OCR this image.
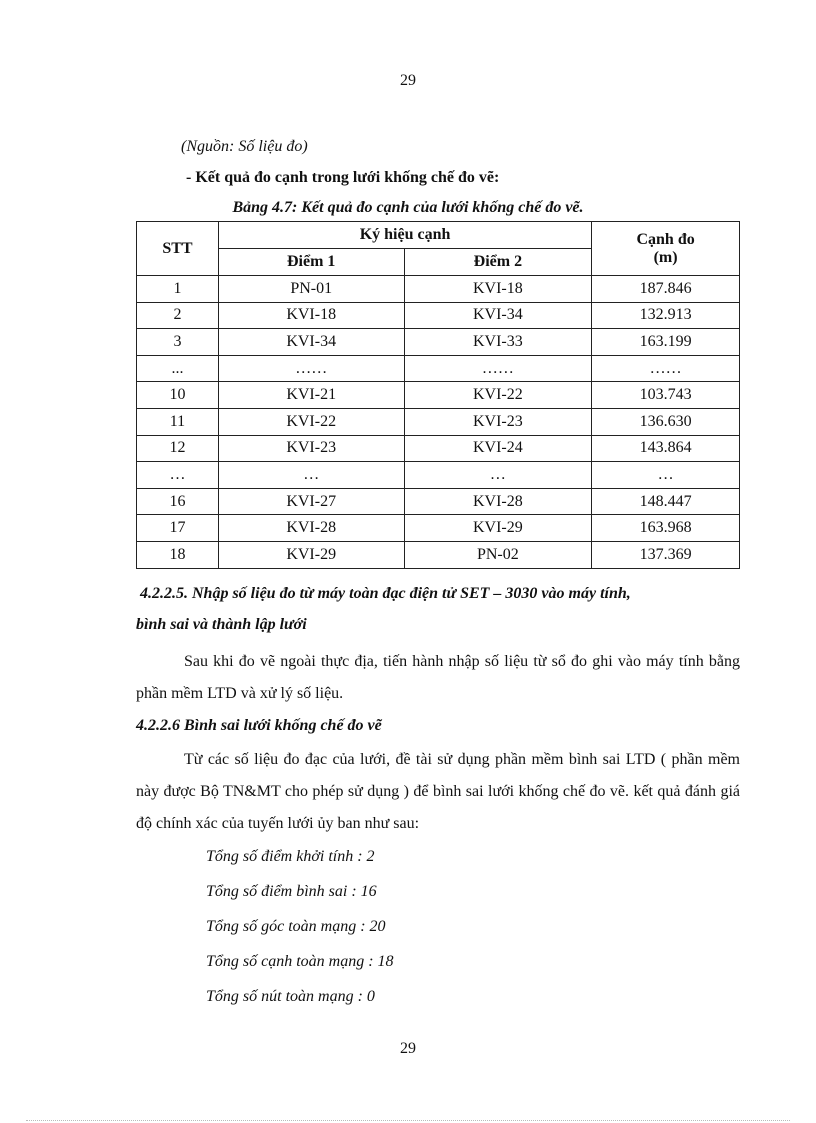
29
(Nguồn: Số liệu đo)
- Kết quả đo cạnh trong lưới khống chế đo vẽ:
Bảng 4.7: Kết quả đo cạnh của lưới khống chế đo vẽ.
STT	Ký hiệu cạnh		Cạnh đo
(m)

	Điểm 1	Điểm 2	
1	PN-01	KVI-18	187.846
2	KVI-18	KVI-34	132.913
3	KVI-34	KVI-33	163.199
...	……	……	……
10	KVI-21	KVI-22	103.743
11	KVI-22	KVI-23	136.630
12	KVI-23	KVI-24	143.864
…	…	…	…
16	KVI-27	KVI-28	148.447
17	KVI-28	KVI-29	163.968
18	KVI-29	PN-02	137.369
4.2.2.5. Nhập số liệu đo từ máy toàn đạc điện tử SET – 3030 vào máy tính,
bình sai và thành lập lưới
Sau khi đo vẽ ngoài thực địa, tiến hành nhập số liệu từ sổ đo ghi vào máy tính bằng phần mềm LTD và xử lý số liệu.
4.2.2.6 Bình sai lưới khống chế đo vẽ
Từ các số liệu đo đạc của lưới, đề tài sử dụng phần mềm bình sai LTD ( phần mềm này được Bộ TN&MT cho phép sử dụng ) để bình sai lưới khống chế đo vẽ. kết quả đánh giá độ chính xác của tuyến lưới ủy ban như sau:
Tổng số điểm khởi tính : 2
Tổng số điểm bình sai : 16
Tổng số góc toàn mạng : 20
Tổng số cạnh toàn mạng : 18
Tổng số nút toàn mạng : 0
29
